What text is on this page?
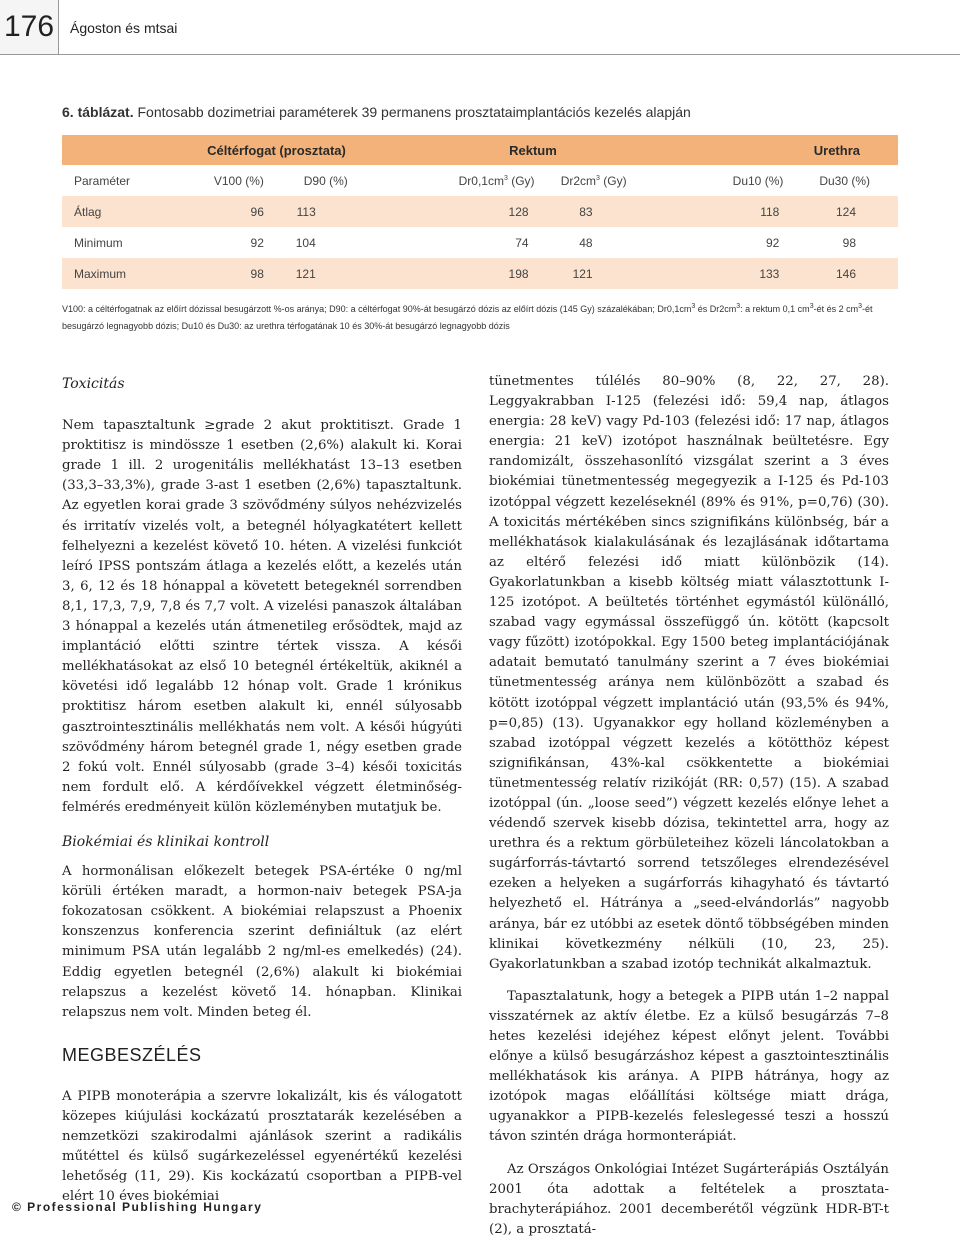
176	Ágoston és mtsai
6. táblázat. Fontosabb dozimetriai paraméterek 39 permanens prosztataimplantációs kezelés alapján
	Céltérfogat (prosztata)			Rektum			Urethra	
Paraméter	V100 (%)	D90 (%)		$Dr0,1cm^3$ (Gy)	$Dr2cm^3$ (Gy)		Du10 (%)	Du30 (%)
Átlag	96	113		128	83		118	124
Minimum	92	104		74	48		92	98
Maximum	98	121		198	121		133	146
V100: a céltérfogatnak az előírt dózissal besugárzott %-os aránya; D90: a céltérfogat 90%-át besugárzó dózis az előírt dózis (145 Gy) százalékában; $Dr0,1cm^3$ és $Dr2cm^3$: a rektum 0,1 $cm^3-ét$ és 2 $cm^3-ét$ besugárzó legnagyobb dózis; Du10 és Du30: az urethra térfogatának 10 és 30%-át besugárzó legnagyobb dózis

Toxicitás

Nem tapasztaltunk ≥grade 2 akut proktitiszt. Grade 1 proktitisz is mindössze 1 esetben (2,6%) alakult ki. Korai grade 1 ill. 2 urogenitális mellékhatást 13–13 esetben (33,3–33,3%), grade 3-ast 1 esetben (2,6%) tapasztaltunk. Az egyetlen korai grade 3 szövődmény súlyos nehézvizelés és irritatív vizelés volt, a betegnél hólyagkatétert kellett felhelyezni a kezelést követő 10. héten. A vizelési funkciót leíró IPSS pontszám átlaga a kezelés előtt, a kezelés után 3, 6, 12 és 18 hónappal a követett betegeknél sorrendben 8,1, 17,3, 7,9, 7,8 és 7,7 volt. A vizelési panaszok általában 3 hónappal a kezelés után átmenetileg erősödtek, majd az implantáció előtti szintre tértek vissza. A késői mellékhatásokat az első 10 betegnél értékeltük, akiknél a követési idő legalább 12 hónap volt. Grade 1 krónikus proktitisz három esetben alakult ki, ennél súlyosabb gasztrointesztinális mellékhatás nem volt. A késői húgyúti szövődmény három betegnél grade 1, négy esetben grade 2 fokú volt. Ennél súlyosabb (grade 3–4) késői toxicitás nem fordult elő. A kérdőívekkel végzett életminőség-felmérés eredményeit külön közleményben mutatjuk be.

Biokémiai és klinikai kontroll

A hormonálisan előkezelt betegek PSA-értéke 0 ng/ml körüli értéken maradt, a hormon-naiv betegek PSA-ja fokozatosan csökkent. A biokémiai relapszust a Phoenix konszenzus konferencia szerint definiáltuk (az elért minimum PSA után legalább 2 ng/ml-es emelkedés) (24). Eddig egyetlen betegnél (2,6%) alakult ki biokémiai relapszus a kezelést követő 14. hónapban. Klinikai relapszus nem volt. Minden beteg él.

MEGBESZÉLÉS

A PIPB monoterápia a szervre lokalizált, kis és válogatott közepes kiújulási kockázatú prosztatarák kezelésében a nemzetközi szakirodalmi ajánlások szerint a radikális műtéttel és külső sugárkezeléssel egyenértékű kezelési lehetőség (11, 29). Kis kockázatú csoportban a PIPB-vel elért 10 éves biokémiai

tünetmentes túlélés 80–90% (8, 22, 27, 28). Leggyakrabban I-125 (felezési idő: 59,4 nap, átlagos energia: 28 keV) vagy Pd-103 (felezési idő: 17 nap, átlagos energia: 21 keV) izotópot használnak beültetésre. Egy randomizált, összehasonlító vizsgálat szerint a 3 éves biokémiai tünetmentesség megegyezik a I-125 és Pd-103 izotóppal végzett kezeléseknél (89% és 91%, p=0,76) (30). A toxicitás mértékében sincs szignifikáns különbség, bár a mellékhatások kialakulásának és lezajlásának időtartama az eltérő felezési idő miatt különbözik (14). Gyakorlatunkban a kisebb költség miatt választottunk I-125 izotópot. A beültetés történhet egymástól különálló, szabad vagy egymással összefüggő ún. kötött (kapcsolt vagy fűzött) izotópokkal. Egy 1500 beteg implantációjának adatait bemutató tanulmány szerint a 7 éves biokémiai tünetmentesség aránya nem különbözött a szabad és kötött izotóppal végzett implantáció után (93,5% és 94%, p=0,85) (13). Ugyanakkor egy holland közleményben a szabad izotóppal végzett kezelés a kötötthöz képest szignifikánsan, 43%-kal csökkentette a biokémiai tünetmentesség relatív rizikóját (RR: 0,57) (15). A szabad izotóppal (ún. „loose seed”) végzett kezelés előnye lehet a védendő szervek kisebb dózisa, tekintettel arra, hogy az urethra és a rektum görbületeihez közeli láncolatokban a sugárforrás-távtartó sorrend tetszőleges elrendezésével ezeken a helyeken a sugárforrás kihagyható és távtartó helyezhető el. Hátránya a „seed-elvándorlás” nagyobb aránya, bár ez utóbbi az esetek döntő többségében minden klinikai következmény nélküli (10, 23, 25). Gyakorlatunkban a szabad izotóp technikát alkalmaztuk.

Tapasztalatunk, hogy a betegek a PIPB után 1–2 nappal visszatérnek az aktív életbe. Ez a külső besugárzás 7–8 hetes kezelési idejéhez képest előnyt jelent. További előnye a külső besugárzáshoz képest a gasztointesztinális mellékhatások kis aránya. A PIPB hátránya, hogy az izotópok magas előállítási költsége miatt drága, ugyanakkor a PIPB-kezelés feleslegessé teszi a hosszú távon szintén drága hormonterápiát.

Az Országos Onkológiai Intézet Sugárterápiás Osztályán 2001 óta adottak a feltételek a prosztata-brachyterápiához. 2001 decemberétől végzünk HDR-BT-t (2), a prosztatá-

© Professional Publishing Hungary
